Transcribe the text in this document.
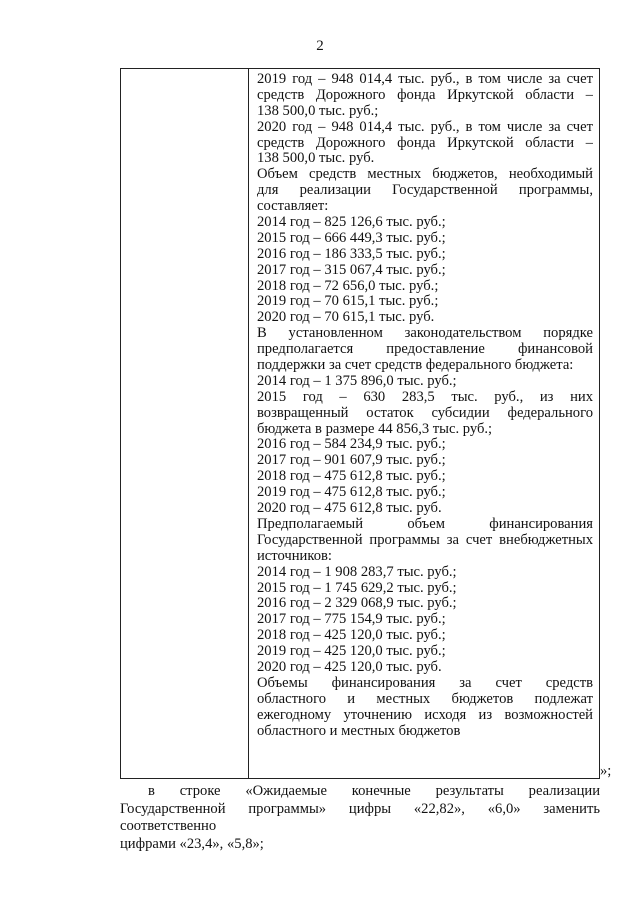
2
2019 год – 948 014,4 тыс. руб., в том числе за счет
средств Дорожного фонда Иркутской области –
138 500,0 тыс. руб.;
2020 год – 948 014,4 тыс. руб., в том числе за счет
средств Дорожного фонда Иркутской области –
138 500,0 тыс. руб.
Объем средств местных бюджетов, необходимый
для реализации Государственной программы,
составляет:
2014 год – 825 126,6 тыс. руб.;
2015 год – 666 449,3 тыс. руб.;
2016 год – 186 333,5 тыс. руб.;
2017 год – 315 067,4 тыс. руб.;
2018 год – 72 656,0 тыс. руб.;
2019 год – 70 615,1 тыс. руб.;
2020 год – 70 615,1 тыс. руб.
В установленном законодательством порядке
предполагается предоставление финансовой
поддержки за счет средств федерального бюджета:
2014 год – 1 375 896,0 тыс. руб.;
2015 год – 630 283,5 тыс. руб., из них
возвращенный остаток субсидии федерального
бюджета в размере 44 856,3 тыс. руб.;
2016 год – 584 234,9 тыс. руб.;
2017 год – 901 607,9 тыс. руб.;
2018 год – 475 612,8 тыс. руб.;
2019 год – 475 612,8 тыс. руб.;
2020 год – 475 612,8 тыс. руб.
Предполагаемый объем финансирования
Государственной программы за счет внебюджетных
источников:
2014 год – 1 908 283,7 тыс. руб.;
2015 год – 1 745 629,2 тыс. руб.;
2016 год – 2 329 068,9 тыс. руб.;
2017 год – 775 154,9 тыс. руб.;
2018 год – 425 120,0 тыс. руб.;
2019 год – 425 120,0 тыс. руб.;
2020 год – 425 120,0 тыс. руб.
Объемы финансирования за счет средств
областного и местных бюджетов подлежат
ежегодному уточнению исходя из возможностей
областного и местных бюджетов
»;
в строке «Ожидаемые конечные результаты реализации
Государственной программы» цифры «22,82», «6,0» заменить соответственно
цифрами «23,4», «5,8»;
